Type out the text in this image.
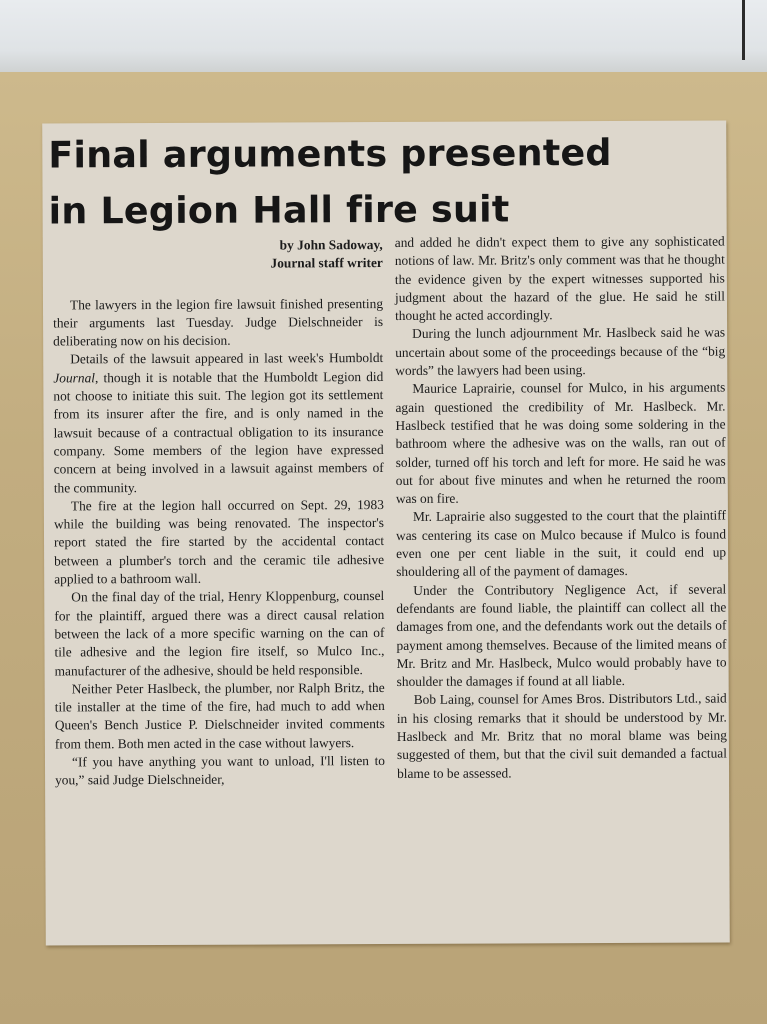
Final arguments presented
in Legion Hall fire suit
by John Sadoway,
Journal staff writer

The lawyers in the legion fire lawsuit finished presenting their arguments last Tuesday. Judge Dielschneider is deliberating now on his decision.

Details of the lawsuit appeared in last week's Humboldt Journal, though it is notable that the Humboldt Legion did not choose to initiate this suit. The legion got its settlement from its insurer after the fire, and is only named in the lawsuit because of a contractual obligation to its insurance company. Some members of the legion have expressed concern at being involved in a lawsuit against members of the community.

The fire at the legion hall occurred on Sept. 29, 1983 while the building was being renovated. The inspector's report stated the fire started by the accidental contact between a plumber's torch and the ceramic tile adhesive applied to a bathroom wall.

On the final day of the trial, Henry Kloppenburg, counsel for the plaintiff, argued there was a direct causal relation between the lack of a more specific warning on the can of tile adhesive and the legion fire itself, so Mulco Inc., manufacturer of the adhesive, should be held responsible.

Neither Peter Haslbeck, the plumber, nor Ralph Britz, the tile installer at the time of the fire, had much to add when Queen's Bench Justice P. Dielschneider invited comments from them. Both men acted in the case without lawyers.

“If you have anything you want to unload, I'll listen to you,” said Judge Dielschneider,

and added he didn't expect them to give any sophisticated notions of law. Mr. Britz's only comment was that he thought the evidence given by the expert witnesses supported his judgment about the hazard of the glue. He said he still thought he acted accordingly.

During the lunch adjournment Mr. Haslbeck said he was uncertain about some of the proceedings because of the “big words” the lawyers had been using.

Maurice Laprairie, counsel for Mulco, in his arguments again questioned the credibility of Mr. Haslbeck. Mr. Haslbeck testified that he was doing some soldering in the bathroom where the adhesive was on the walls, ran out of solder, turned off his torch and left for more. He said he was out for about five minutes and when he returned the room was on fire.

Mr. Laprairie also suggested to the court that the plaintiff was centering its case on Mulco because if Mulco is found even one per cent liable in the suit, it could end up shouldering all of the payment of damages.

Under the Contributory Negligence Act, if several defendants are found liable, the plaintiff can collect all the damages from one, and the defendants work out the details of payment among themselves. Because of the limited means of Mr. Britz and Mr. Haslbeck, Mulco would probably have to shoulder the damages if found at all liable.

Bob Laing, counsel for Ames Bros. Distributors Ltd., said in his closing remarks that it should be understood by Mr. Haslbeck and Mr. Britz that no moral blame was being suggested of them, but that the civil suit demanded a factual blame to be assessed.
